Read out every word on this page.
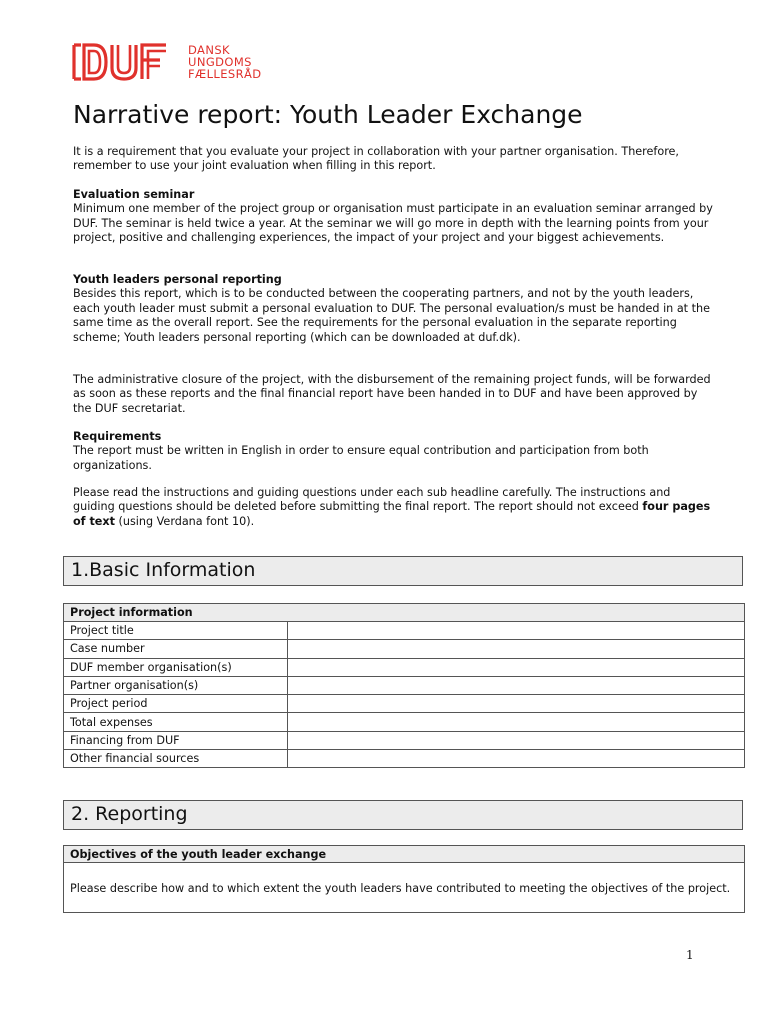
DANSK
UNGDOMS
FÆLLESRÅD
Narrative report: Youth Leader Exchange

It is a requirement that you evaluate your project in collaboration with your partner organisation. Therefore, remember to use your joint evaluation when filling in this report.

Evaluation seminar
Minimum one member of the project group or organisation must participate in an evaluation seminar arranged by DUF. The seminar is held twice a year. At the seminar we will go more in depth with the learning points from your project, positive and challenging experiences, the impact of your project and your biggest achievements.
Youth leaders personal reporting
Besides this report, which is to be conducted between the cooperating partners, and not by the youth leaders, each youth leader must submit a personal evaluation to DUF. The personal evaluation/s must be handed in at the same time as the overall report. See the requirements for the personal evaluation in the separate reporting scheme; Youth leaders personal reporting (which can be downloaded at duf.dk).

The administrative closure of the project, with the disbursement of the remaining project funds, will be forwarded as soon as these reports and the final financial report have been handed in to DUF and have been approved by the DUF secretariat.

Requirements
The report must be written in English in order to ensure equal contribution and participation from both organizations.

Please read the instructions and guiding questions under each sub headline carefully. The instructions and guiding questions should be deleted before submitting the final report. The report should not exceed four pages of text (using Verdana font 10).

1.Basic Information
Project information	
Project title	
Case number	
DUF member organisation(s)	
Partner organisation(s)	
Project period	
Total expenses	
Financing from DUF	
Other financial sources	
2. Reporting
Objectives of the youth leader exchange
Please describe how and to which extent the youth leaders have contributed to meeting the objectives of the project.
1
